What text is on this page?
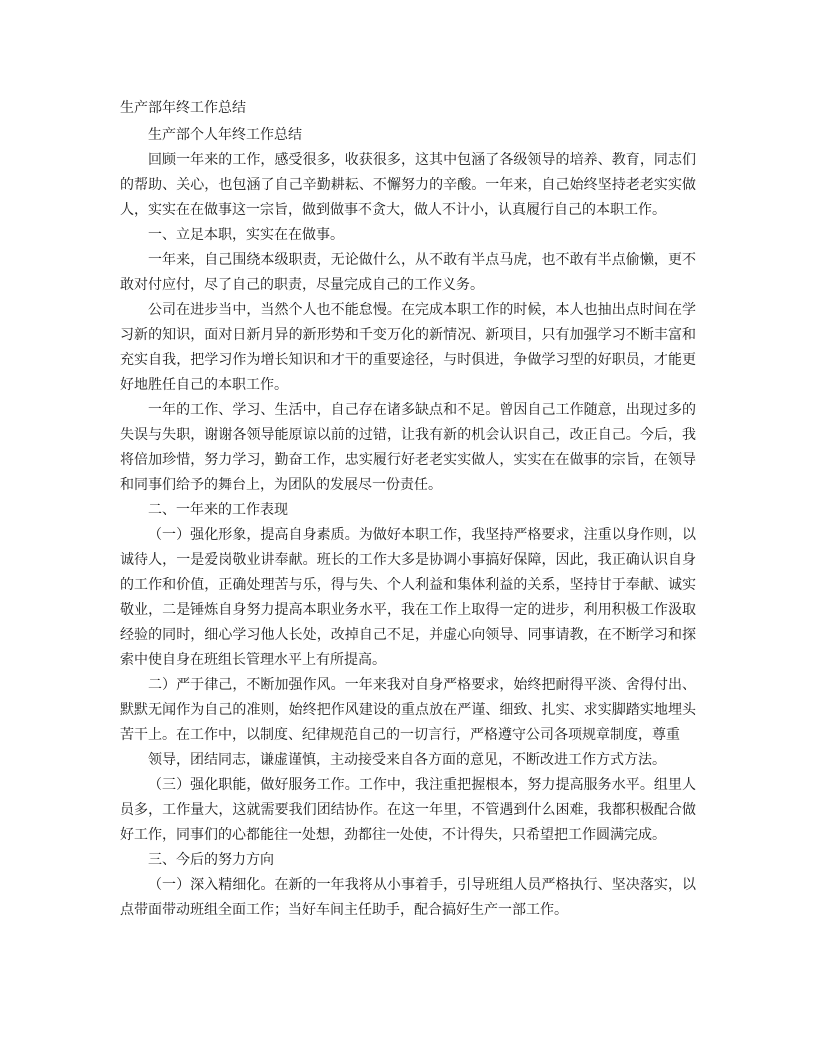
生产部年终工作总结

生产部个人年终工作总结

回顾一年来的工作，感受很多，收获很多，这其中包涵了各级领导的培养、教育，同志们的帮助、关心，也包涵了自己辛勤耕耘、不懈努力的辛酸。一年来，自己始终坚持老老实实做人，实实在在做事这一宗旨，做到做事不贪大，做人不计小，认真履行自己的本职工作。

一、立足本职，实实在在做事。

一年来，自己围绕本级职责，无论做什么，从不敢有半点马虎，也不敢有半点偷懒，更不敢对付应付，尽了自己的职责，尽量完成自己的工作义务。

公司在进步当中，当然个人也不能怠慢。在完成本职工作的时候，本人也抽出点时间在学习新的知识，面对日新月异的新形势和千变万化的新情况、新项目，只有加强学习不断丰富和充实自我，把学习作为增长知识和才干的重要途径，与时俱进，争做学习型的好职员，才能更好地胜任自己的本职工作。

一年的工作、学习、生活中，自己存在诸多缺点和不足。曾因自己工作随意，出现过多的失误与失职，谢谢各领导能原谅以前的过错，让我有新的机会认识自己，改正自己。今后，我将倍加珍惜，努力学习，勤奋工作，忠实履行好老老实实做人，实实在在做事的宗旨，在领导和同事们给予的舞台上，为团队的发展尽一份责任。

二、一年来的工作表现

（一）强化形象，提高自身素质。为做好本职工作，我坚持严格要求，注重以身作则，以诚待人，一是爱岗敬业讲奉献。班长的工作大多是协调小事搞好保障，因此，我正确认识自身的工作和价值，正确处理苦与乐，得与失、个人利益和集体利益的关系，坚持甘于奉献、诚实敬业，二是锤炼自身努力提高本职业务水平，我在工作上取得一定的进步，利用积极工作汲取经验的同时，细心学习他人长处，改掉自己不足，并虚心向领导、同事请教，在不断学习和探索中使自身在班组长管理水平上有所提高。

二）严于律己，不断加强作风。一年来我对自身严格要求，始终把耐得平淡、舍得付出、默默无闻作为自己的准则，始终把作风建设的重点放在严谨、细致、扎实、求实脚踏实地埋头苦干上。在工作中，以制度、纪律规范自己的一切言行，严格遵守公司各项规章制度，尊重

领导，团结同志，谦虚谨慎，主动接受来自各方面的意见，不断改进工作方式方法。

（三）强化职能，做好服务工作。工作中，我注重把握根本，努力提高服务水平。组里人员多，工作量大，这就需要我们团结协作。在这一年里，不管遇到什么困难，我都积极配合做好工作，同事们的心都能往一处想，劲都往一处使，不计得失，只希望把工作圆满完成。

三、今后的努力方向

（一）深入精细化。在新的一年我将从小事着手，引导班组人员严格执行、坚决落实，以点带面带动班组全面工作；当好车间主任助手，配合搞好生产一部工作。
